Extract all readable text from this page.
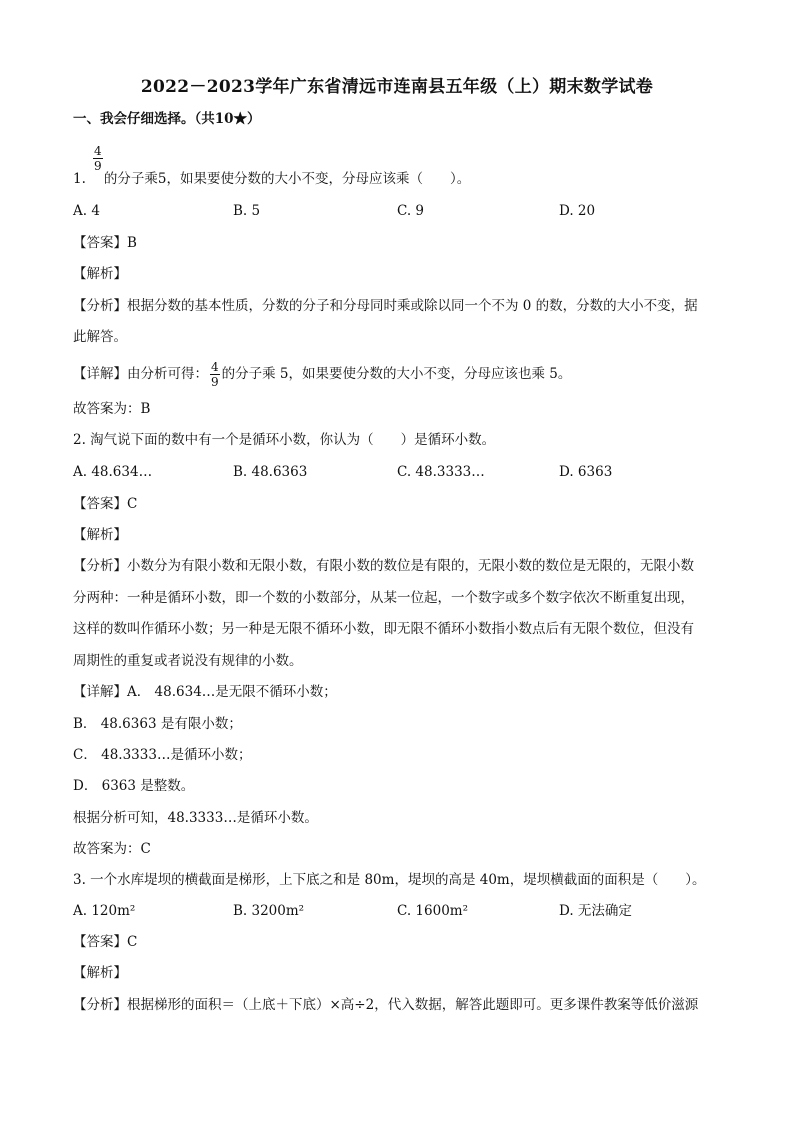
2022－2023学年广东省清远市连南县五年级（上）期末数学试卷
一、我会仔细选择。（共10★）
$\frac{4}{9}$
1. 的分子乘5，如果要使分数的大小不变，分母应该乘（　　）。
A. 4	B. 5	C. 9	D. 20
【答案】B
【解析】
【分析】根据分数的基本性质，分数的分子和分母同时乘或除以同一个不为 0 的数，分数的大小不变，据
此解答。
【详解】由分析可得： $\frac{4}{9}$ 的分子乘 5，如果要使分数的大小不变，分母应该也乘 5。
故答案为：B
2. 淘气说下面的数中有一个是循环小数，你认为（　　）是循环小数。
A. 48.634…	B. 48.6363	C. 48.3333…	D. 6363
【答案】C
【解析】
【分析】小数分为有限小数和无限小数，有限小数的数位是有限的，无限小数的数位是无限的，无限小数
分两种：一种是循环小数，即一个数的小数部分，从某一位起，一个数字或多个数字依次不断重复出现，
这样的数叫作循环小数；另一种是无限不循环小数，即无限不循环小数指小数点后有无限个数位，但没有
周期性的重复或者说没有规律的小数。
【详解】A． 48.634…是无限不循环小数；
B． 48.6363 是有限小数；
C． 48.3333…是循环小数；
D． 6363 是整数。
根据分析可知，48.3333…是循环小数。
故答案为：C
3. 一个水库堤坝的横截面是梯形，上下底之和是 80m，堤坝的高是 40m，堤坝横截面的面积是（　　）。
A. 120m²	B. 3200m²	C. 1600m²	D. 无法确定
【答案】C
【解析】
【分析】根据梯形的面积＝（上底＋下底）×高÷2，代入数据，解答此题即可。更多课件教案等低价滋源
